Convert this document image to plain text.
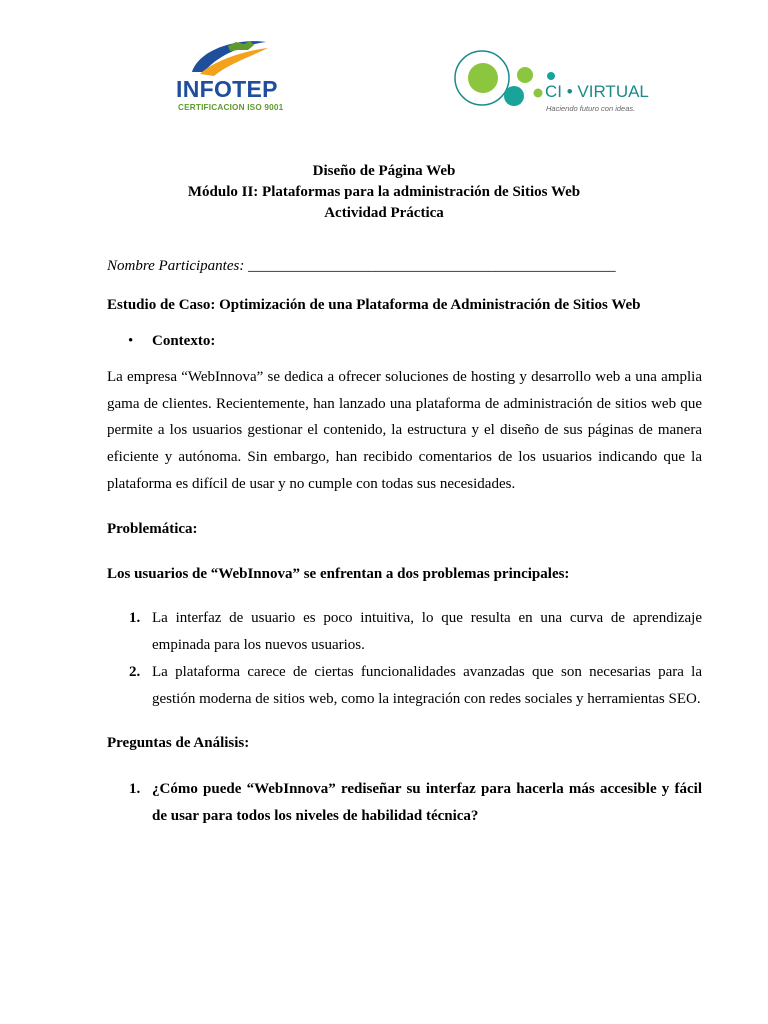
INFOTEP
CERTIFICACION ISO 9001
CI • VIRTUAL
Haciendo futuro con ideas.
Diseño de Página Web
Módulo II: Plataformas para la administración de Sitios Web
Actividad Práctica
Nombre Participantes: _________________________________________________
Estudio de Caso: Optimización de una Plataforma de Administración de Sitios Web
• Contexto:
La empresa “WebInnova” se dedica a ofrecer soluciones de hosting y desarrollo web a una amplia gama de clientes. Recientemente, han lanzado una plataforma de administración de sitios web que permite a los usuarios gestionar el contenido, la estructura y el diseño de sus páginas de manera eficiente y autónoma. Sin embargo, han recibido comentarios de los usuarios indicando que la plataforma es difícil de usar y no cumple con todas sus necesidades.
Problemática:
Los usuarios de “WebInnova” se enfrentan a dos problemas principales:
1. La interfaz de usuario es poco intuitiva, lo que resulta en una curva de aprendizaje empinada para los nuevos usuarios.
2. La plataforma carece de ciertas funcionalidades avanzadas que son necesarias para la gestión moderna de sitios web, como la integración con redes sociales y herramientas SEO.
Preguntas de Análisis:
1. ¿Cómo puede “WebInnova” rediseñar su interfaz para hacerla más accesible y fácil de usar para todos los niveles de habilidad técnica?
